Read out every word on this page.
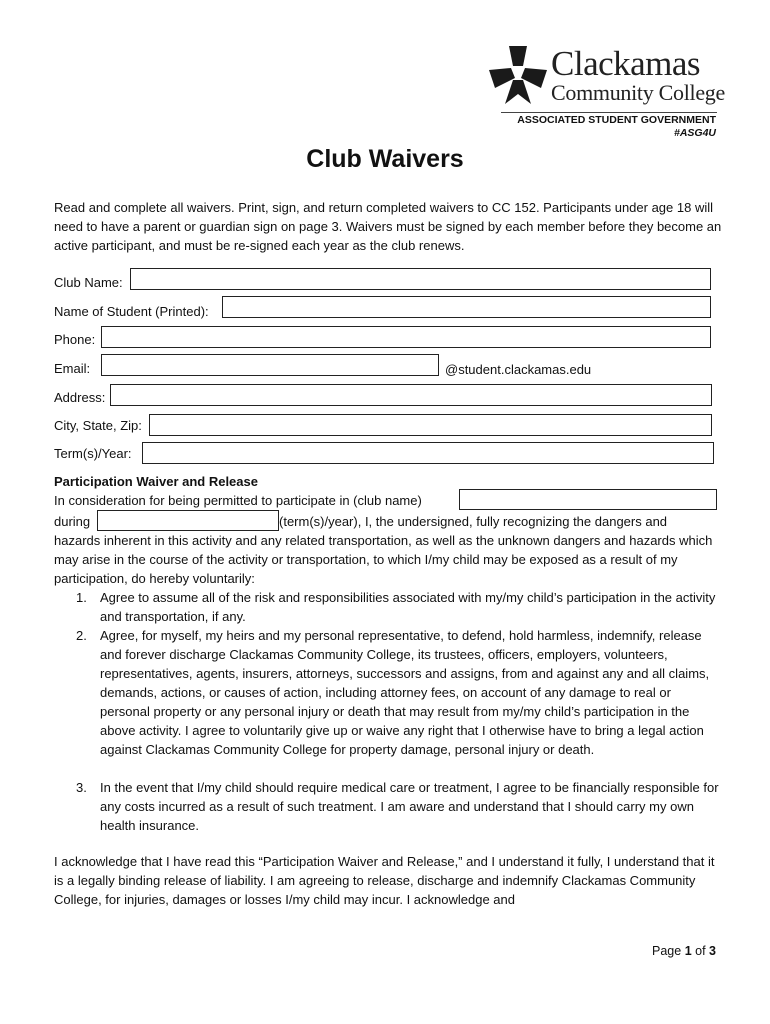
Clackamas
Community College
ASSOCIATED STUDENT GOVERNMENT
#ASG4U
Club Waivers
Read and complete all waivers. Print, sign, and return completed waivers to CC 152. Participants under age 18 will need to have a parent or guardian sign on page 3. Waivers must be signed by each member before they become an active participant, and must be re-signed each year as the club renews.
Club Name:
Name of Student (Printed):
Phone:
Email:	@student.clackamas.edu
Address:
City, State, Zip:
Term(s)/Year:
Participation Waiver and Release
In consideration for being permitted to participate in (club name)
during	(term(s)/year), I, the undersigned, fully recognizing the dangers and
hazards inherent in this activity and any related transportation, as well as the unknown dangers and hazards which may arise in the course of the activity or transportation, to which I/my child may be exposed as a result of my participation, do hereby voluntarily:
1. Agree to assume all of the risk and responsibilities associated with my/my child’s participation in the activity and transportation, if any.
2. Agree, for myself, my heirs and my personal representative, to defend, hold harmless, indemnify, release and forever discharge Clackamas Community College, its trustees, officers, employers, volunteers, representatives, agents, insurers, attorneys, successors and assigns, from and against any and all claims, demands, actions, or causes of action, including attorney fees, on account of any damage to real or personal property or any personal injury or death that may result from my/my child’s participation in the above activity. I agree to voluntarily give up or waive any right that I otherwise have to bring a legal action against Clackamas Community College for property damage, personal injury or death.
3. In the event that I/my child should require medical care or treatment, I agree to be financially responsible for any costs incurred as a result of such treatment. I am aware and understand that I should carry my own health insurance.
I acknowledge that I have read this “Participation Waiver and Release,” and I understand it fully, I understand that it is a legally binding release of liability. I am agreeing to release, discharge and indemnify Clackamas Community College, for injuries, damages or losses I/my child may incur. I acknowledge and
Page 1 of 3
